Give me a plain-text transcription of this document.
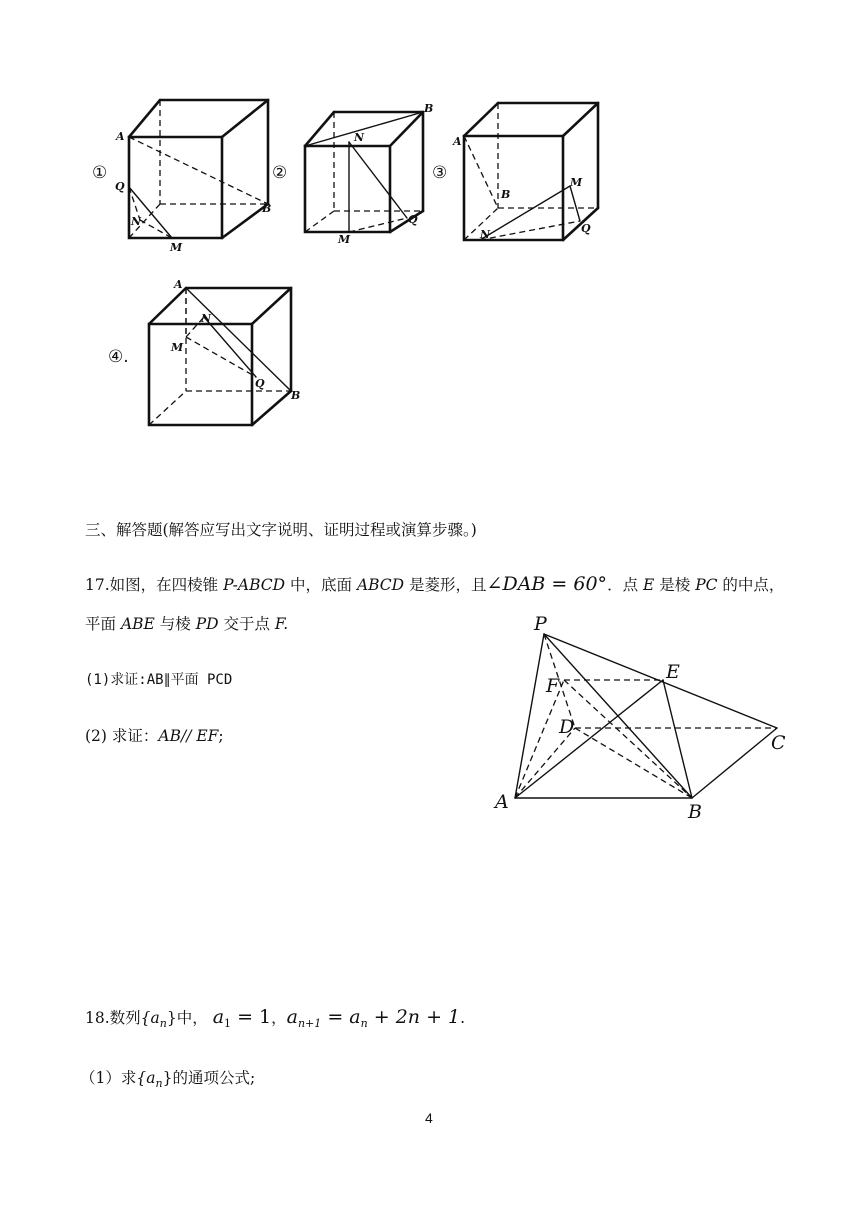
①
A
B
Q
N
M
②
B
N
Q
M
③
A
B
M
N	Q
④.
A
N
M
Q
B
三、解答题(解答应写出文字说明、证明过程或演算步骤。)
17.如图，在四棱锥 P-ABCD 中，底面 ABCD 是菱形，且∠DAB = 60°．点 E 是棱 PC 的中点，
平面 ABE 与棱 PD 交于点 F.
(1)求证:AB∥平面 PCD
(2) 求证：AB// EF;
P
E
F
D
C
A	B
18.数列$\{a_n\}$中， $a_1 = 1$，$a_{n+1} = a_n + 2n + 1$.
（1）求$\{a_n\}$的通项公式;
4
